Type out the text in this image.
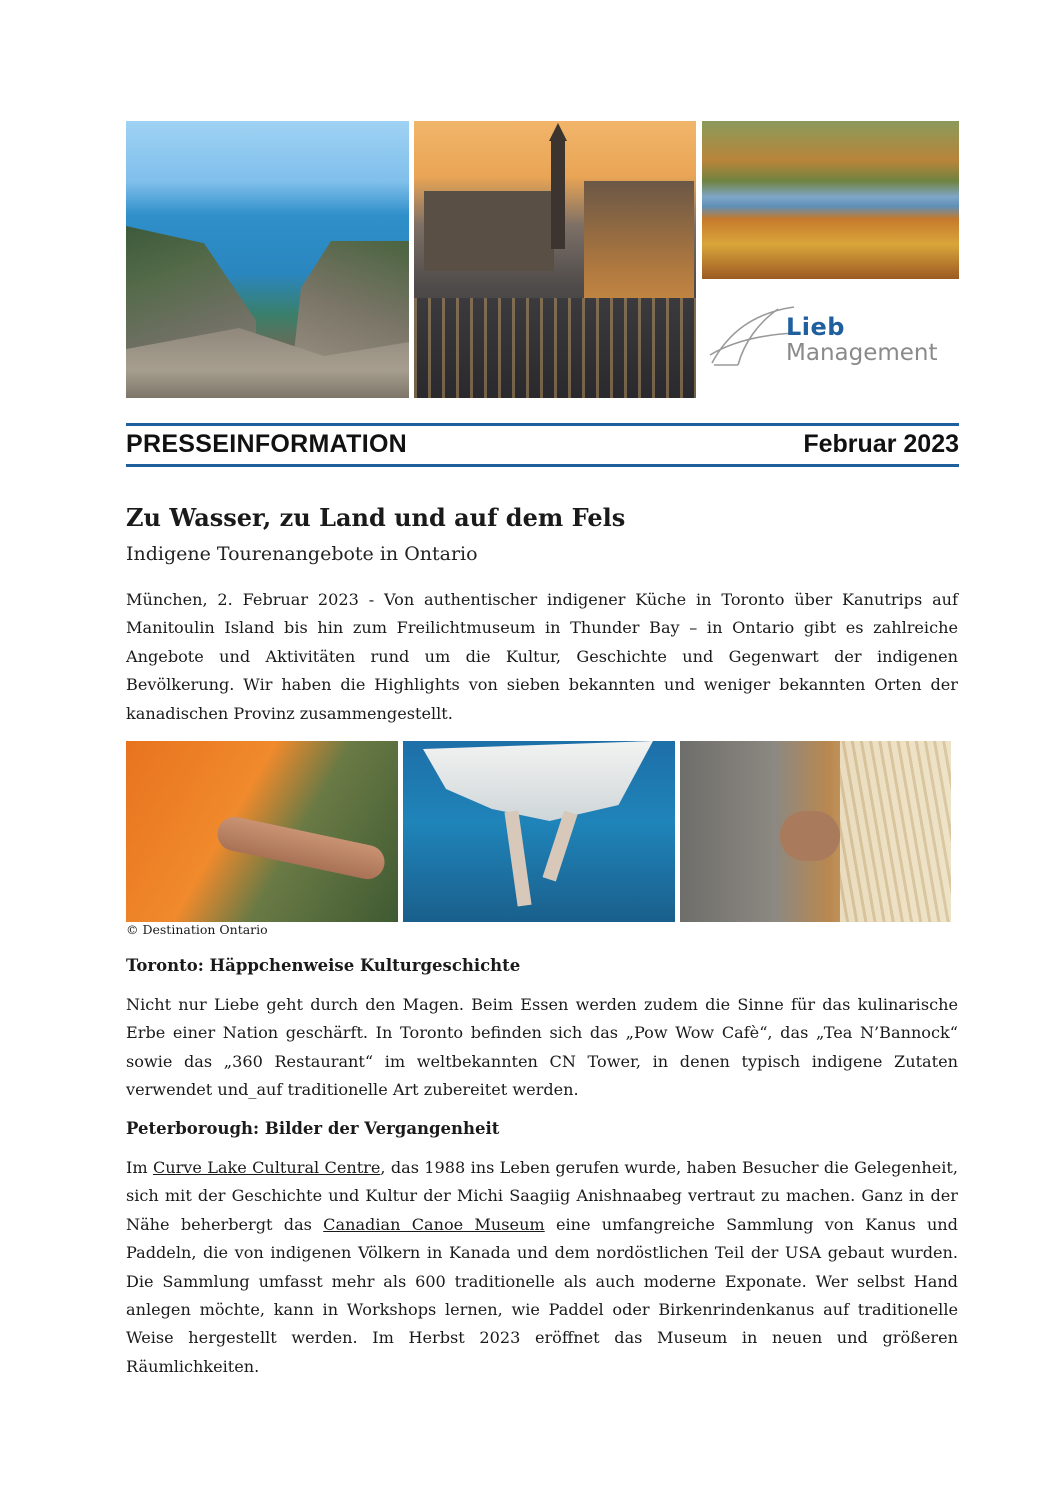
Lieb
Management
PRESSEINFORMATION	Februar 2023
Zu Wasser, zu Land und auf dem Fels
Indigene Tourenangebote in Ontario

München, 2. Februar 2023 - Von authentischer indigener Küche in Toronto über Kanutrips auf Manitoulin Island bis hin zum Freilichtmuseum in Thunder Bay – in Ontario gibt es zahlreiche Angebote und Aktivitäten rund um die Kultur, Geschichte und Gegenwart der indigenen Bevölkerung. Wir haben die Highlights von sieben bekannten und weniger bekannten Orten der kanadischen Provinz zusammengestellt.

© Destination Ontario
Toronto: Häppchenweise Kulturgeschichte

Nicht nur Liebe geht durch den Magen. Beim Essen werden zudem die Sinne für das kulinarische Erbe einer Nation geschärft. In Toronto befinden sich das „Pow Wow Cafè“, das „Tea N’Bannock“ sowie das „360 Restaurant“ im weltbekannten CN Tower, in denen typisch indigene Zutaten verwendet und_auf traditionelle Art zubereitet werden.

Peterborough: Bilder der Vergangenheit

Im Curve Lake Cultural Centre, das 1988 ins Leben gerufen wurde, haben Besucher die Gelegenheit, sich mit der Geschichte und Kultur der Michi Saagiig Anishnaabeg vertraut zu machen. Ganz in der Nähe beherbergt das Canadian Canoe Museum eine umfangreiche Sammlung von Kanus und Paddeln, die von indigenen Völkern in Kanada und dem nordöstlichen Teil der USA gebaut wurden. Die Sammlung umfasst mehr als 600 traditionelle als auch moderne Exponate. Wer selbst Hand anlegen möchte, kann in Workshops lernen, wie Paddel oder Birkenrindenkanus auf traditionelle Weise hergestellt werden. Im Herbst 2023 eröffnet das Museum in neuen und größeren Räumlichkeiten.
